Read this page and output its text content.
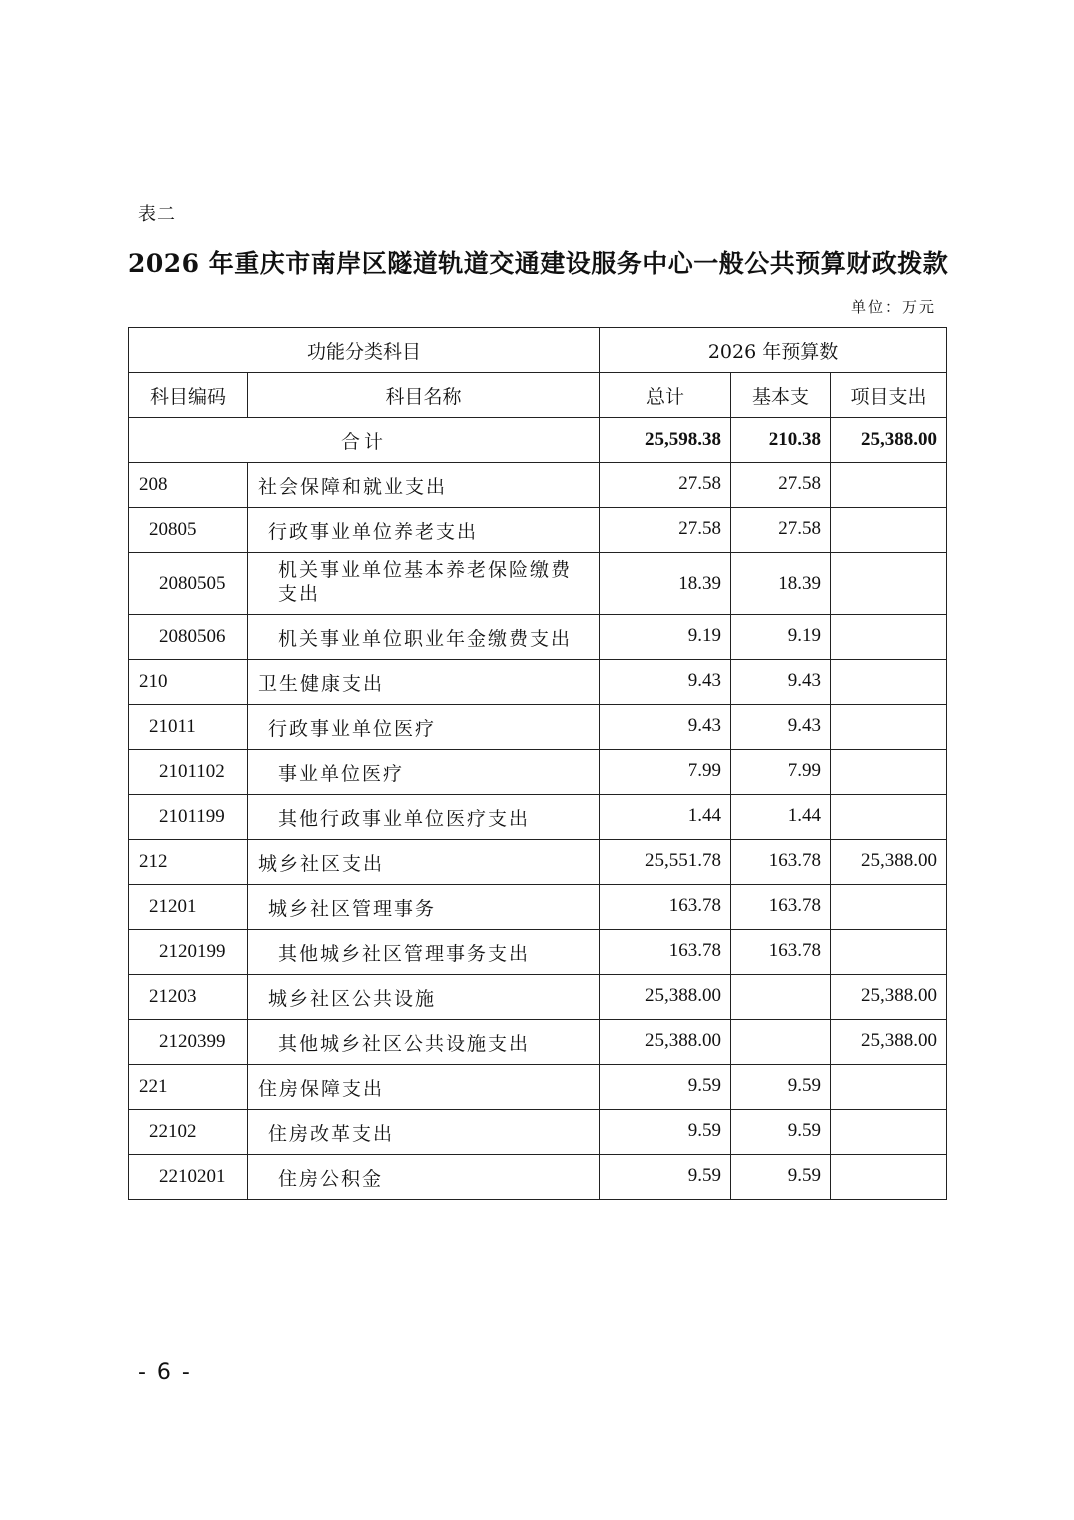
表二
2026 年重庆市南岸区隧道轨道交通建设服务中心一般公共预算财政拨款
单位：万元
功能分类科目		2026 年预算数		
科目编码	科目名称	总计	基本支	项目支出
合计		25,598.38	210.38	25,388.00
208	社会保障和就业支出	27.58	27.58	
20805	行政事业单位养老支出	27.58	27.58	
2080505	机关事业单位基本养老保险缴费支出	18.39	18.39	
2080506	机关事业单位职业年金缴费支出	9.19	9.19	
210	卫生健康支出	9.43	9.43	
21011	行政事业单位医疗	9.43	9.43	
2101102	事业单位医疗	7.99	7.99	
2101199	其他行政事业单位医疗支出	1.44	1.44	
212	城乡社区支出	25,551.78	163.78	25,388.00
21201	城乡社区管理事务	163.78	163.78	
2120199	其他城乡社区管理事务支出	163.78	163.78	
21203	城乡社区公共设施	25,388.00		25,388.00
2120399	其他城乡社区公共设施支出	25,388.00		25,388.00
221	住房保障支出	9.59	9.59	
22102	住房改革支出	9.59	9.59	
2210201	住房公积金	9.59	9.59	
- 6 -
